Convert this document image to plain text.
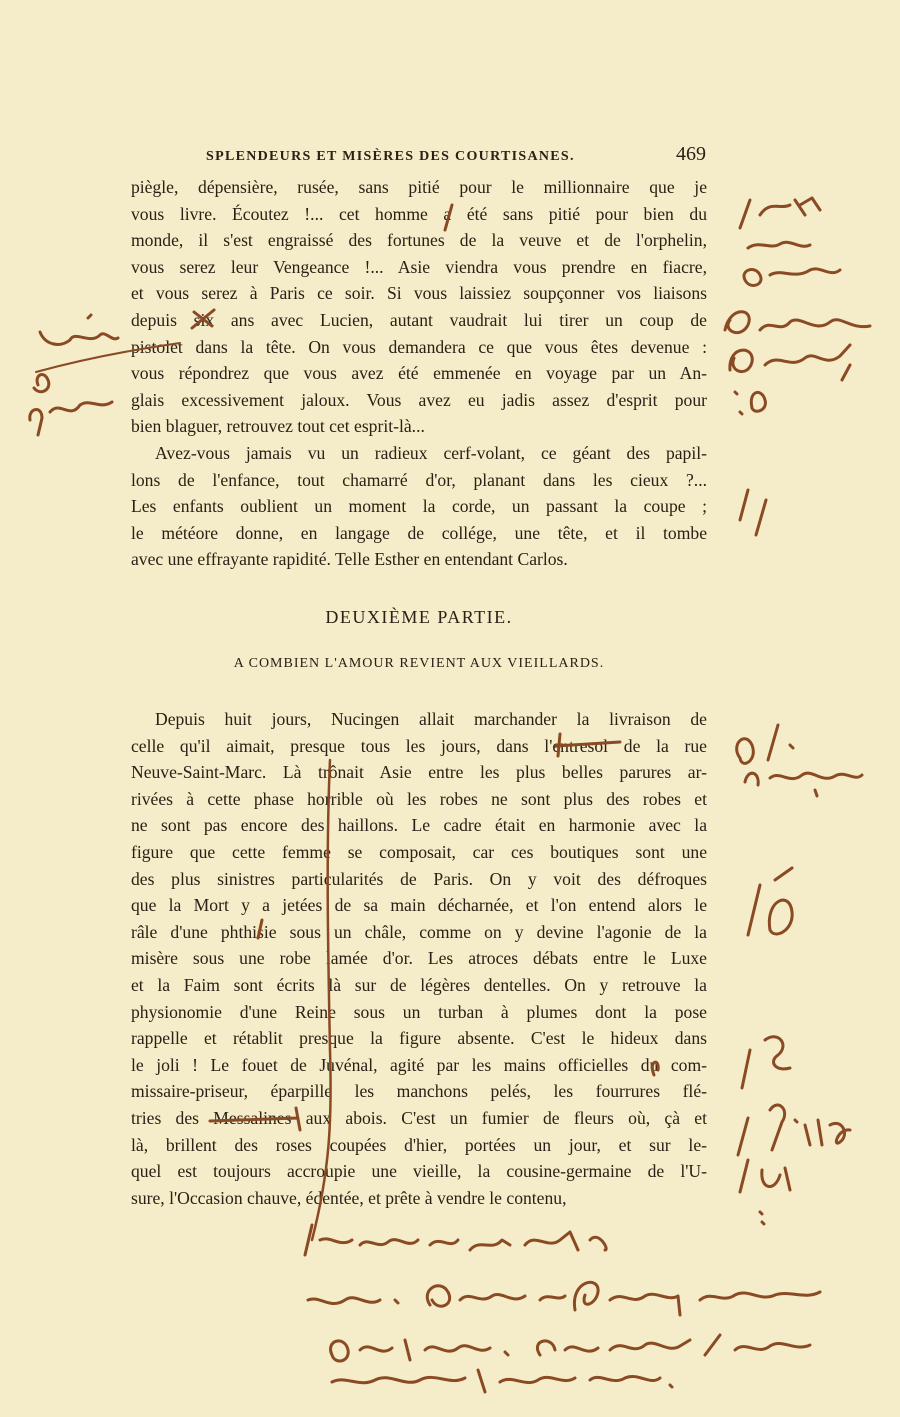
SPLENDEURS ET MISÈRES DES COURTISANES.	469
piègle, dépensière, rusée, sans pitié pour le millionnaire que je
vous livre. Écoutez !... cet homme a été sans pitié pour bien du
monde, il s'est engraissé des fortunes de la veuve et de l'orphelin,
vous serez leur Vengeance !... Asie viendra vous prendre en fiacre,
et vous serez à Paris ce soir. Si vous laissiez soupçonner vos liaisons
depuis six ans avec Lucien, autant vaudrait lui tirer un coup de
pistolet dans la tête. On vous demandera ce que vous êtes devenue :
vous répondrez que vous avez été emmenée en voyage par un An-
glais excessivement jaloux. Vous avez eu jadis assez d'esprit pour
bien blaguer, retrouvez tout cet esprit-là...
Avez-vous jamais vu un radieux cerf-volant, ce géant des papil-
lons de l'enfance, tout chamarré d'or, planant dans les cieux ?...
Les enfants oublient un moment la corde, un passant la coupe ;
le météore donne, en langage de collége, une tête, et il tombe
avec une effrayante rapidité. Telle Esther en entendant Carlos.
DEUXIÈME PARTIE.
A COMBIEN L'AMOUR REVIENT AUX VIEILLARDS.
Depuis huit jours, Nucingen allait marchander la livraison de
celle qu'il aimait, presque tous les jours, dans l'entresol de la rue
Neuve-Saint-Marc. Là trônait Asie entre les plus belles parures ar-
rivées à cette phase horrible où les robes ne sont plus des robes et
ne sont pas encore des haillons. Le cadre était en harmonie avec la
figure que cette femme se composait, car ces boutiques sont une
des plus sinistres particularités de Paris. On y voit des défroques
que la Mort y a jetées de sa main décharnée, et l'on entend alors le
râle d'une phthisie sous un châle, comme on y devine l'agonie de la
misère sous une robe lamée d'or. Les atroces débats entre le Luxe
et la Faim sont écrits là sur de légères dentelles. On y retrouve la
physionomie d'une Reine sous un turban à plumes dont la pose
rappelle et rétablit presque la figure absente. C'est le hideux dans
le joli ! Le fouet de Juvénal, agité par les mains officielles du com-
missaire-priseur, éparpille les manchons pelés, les fourrures flé-
tries des Messalines aux abois. C'est un fumier de fleurs où, çà et
là, brillent des roses coupées d'hier, portées un jour, et sur le-
quel est toujours accroupie une vieille, la cousine-germaine de l'U-
sure, l'Occasion chauve, édentée, et prête à vendre le contenu,
